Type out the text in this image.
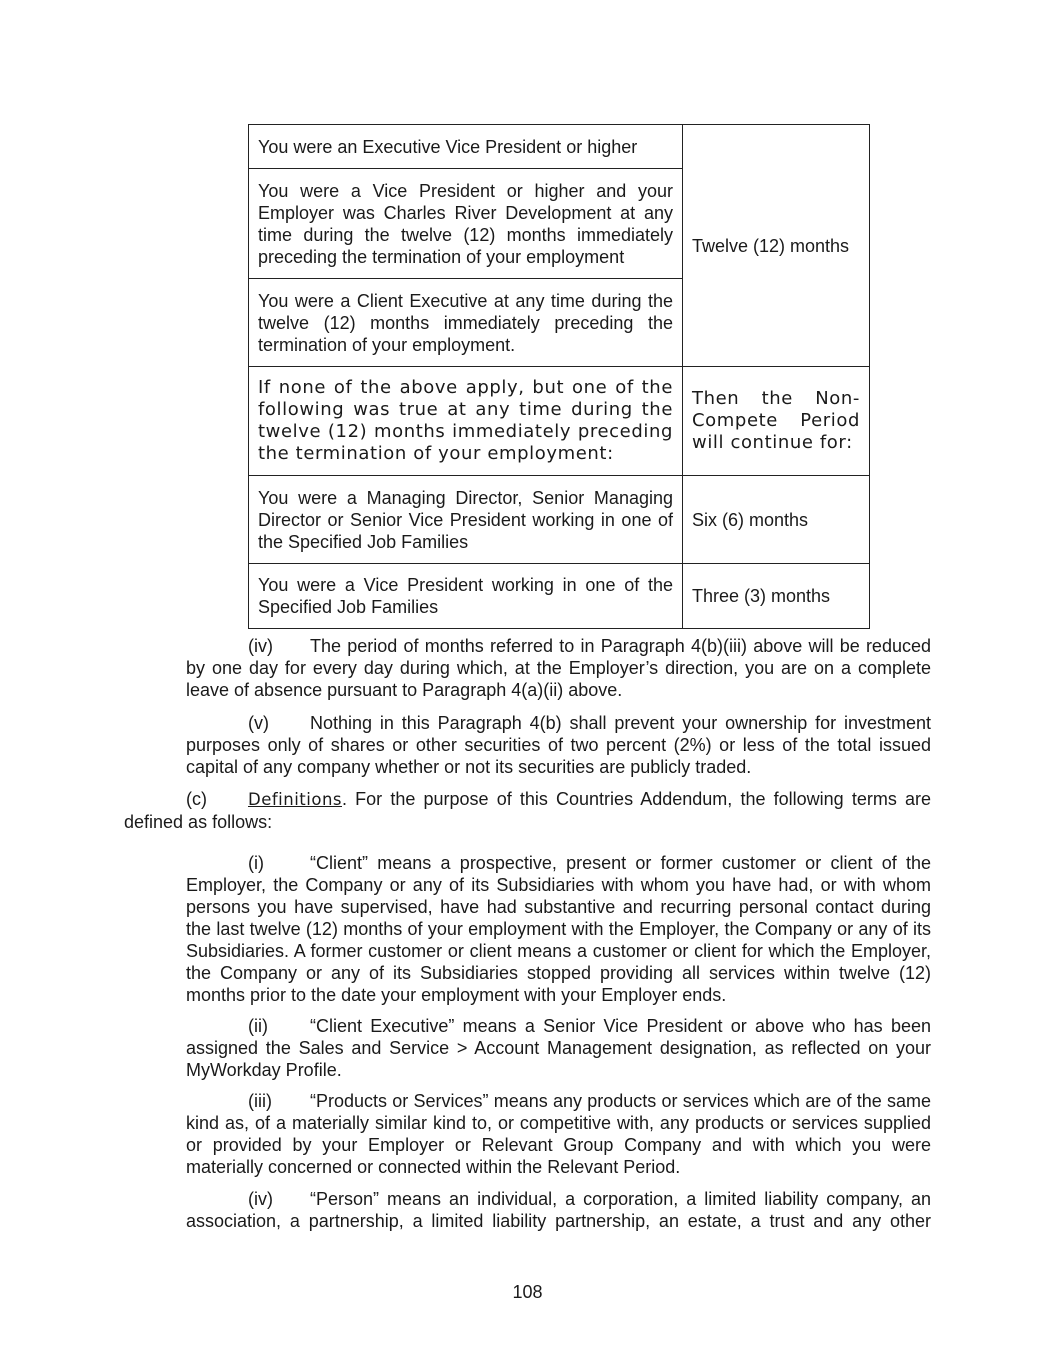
You were an Executive Vice President or higher	Twelve (12) months
You were a Vice President or higher and your Employer was Charles River Development at any time during the twelve (12) months immediately preceding the termination of your employment	
You were a Client Executive at any time during the twelve (12) months immediately preceding the termination of your employment.	
If none of the above apply, but one of the following was true at any time during the twelve (12) months immediately preceding the termination of your employment:	Then the Non-Compete Period will continue for:
You were a Managing Director, Senior Managing Director or Senior Vice President working in one of the Specified Job Families	Six (6) months
You were a Vice President working in one of the Specified Job Families	Three (3) months
(iv) The period of months referred to in Paragraph 4(b)(iii) above will be reduced by one day for every day during which, at the Employer’s direction, you are on a complete leave of absence pursuant to Paragraph 4(a)(ii) above.
(v) Nothing in this Paragraph 4(b) shall prevent your ownership for investment purposes only of shares or other securities of two percent (2%) or less of the total issued capital of any company whether or not its securities are publicly traded.
(c) Definitions. For the purpose of this Countries Addendum, the following terms are defined as follows:
(i)	“Client” means a prospective, present or former customer or client of the Employer, the Company or any of its Subsidiaries with whom you have had, or with whom persons you have supervised, have had substantive and recurring personal contact during the last twelve (12) months of your employment with the Employer, the Company or any of its Subsidiaries. A former customer or client means a customer or client for which the Employer, the Company or any of its Subsidiaries stopped providing all services within twelve (12) months prior to the date your employment with your Employer ends.
(ii) “Client Executive” means a Senior Vice President or above who has been assigned the Sales and Service > Account Management designation, as reflected on your MyWorkday Profile.
(iii) “Products or Services” means any products or services which are of the same kind as, of a materially similar kind to, or competitive with, any products or services supplied or provided by your Employer or Relevant Group Company and with which you were materially concerned or connected within the Relevant Period.
(iv) “Person” means an individual, a corporation, a limited liability company, an association, a partnership, a limited liability partnership, an estate, a trust and any other
108
